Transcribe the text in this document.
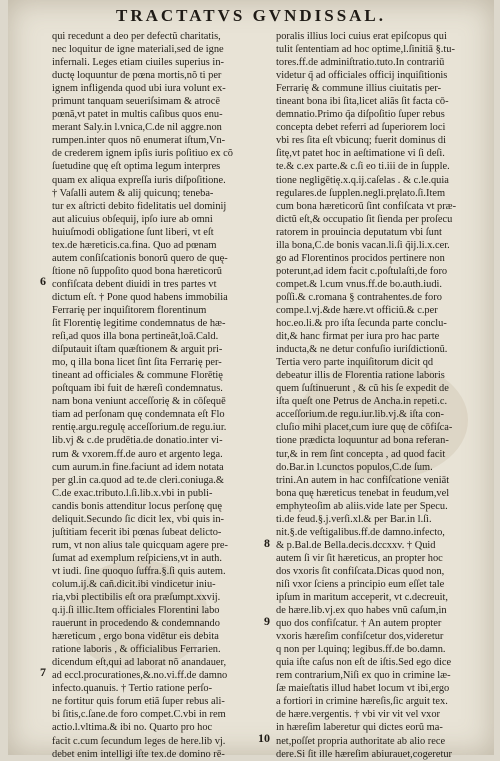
TRACTATVS GVNDISSAL.
qui recedunt a deo per defectũ charitatis,
nec loquitur de igne materiali,sed de igne
infernali. Leges etiam ciuiles superius in-
ductę loquuntur de pœna mortis,nõ ti per
ignem infligenda quod ubi iura volunt ex-
primunt tanquam seueriſsimam & atrocē
pœnã,vt patet in multis caſibus quos enu-
merant Saly.in l.vnica,C.de nil aggre.non
rumpen.inter quos nõ enumerat iſtum,Vn-
de crederem ignem ipſis iuris poſitiuo ex cõ
ſuetudine quę eſt optima legum interpres
quam ex aliqua expreſſa iuris diſpoſitione.
† Vaſalli autem & alij quicunq; teneba-
tur ex aſtricti debito fidelitatis uel dominij
aut alicuius obſequij, ipſo iure ab omni
huiuſmodi obligatione ſunt liberi, vt eſt
tex.de hæreticis.ca.fina. Quo ad pœnam
autem conſiſcationis bonorũ quero de quę-
ſtione nõ ſuppoſito quod bona hæreticorũ
confiſcata debent diuidi in tres partes vt
dictum eſt. † Pone quod habens immobilia
Ferrarię per inquiſitorem florentinum
ſit Florentię legitime condemnatus de hæ-
reſi,ad quos illa bona pertineãt,loã.Cald.
diſputauit iſtam quæſtionem & arguit pri-
mo, q illa bona licet ſint ſita Ferrarię per-
tineant ad officiales & commune Florētię
poſtquam ibi fuit de hæreſi condemnatus.
nam bona veniunt acceſſorię & in cōſequē
tiam ad perſonam quę condemnata eſt Flo
rentię.argu.regulę acceſſorium.de regu.iur.
lib.vj & c.de prudētia.de donatio.inter vi-
rum & vxorem.ff.de auro et argento lega.
cum aurum.in fine.faciunt ad idem notata
per gl.in ca.quod ad te.de cleri.coniuga.&
C.de exac.tributo.l.ſi.lib.x.vbi in publi-
candis bonis attenditur locus perſonę quę
deliquit.Secundo ſic dicit lex, vbi quis in-
juſtitiam fecerit ibi pœnas ſubeat delicto-
rum, vt non alius tale quicquam agere pre-
ſumat ad exemplum reſpiciens,vt in auth.
vt iudi. ſine quoquo ſuffra.§.ſi quis autem.
colum.ij.& cañ.dicit.ibi vindicetur iniu-
ria,vbi plectibilis eſt ora præſumpt.xxvij.
q.ij.ſi illic.Item officiales Florentini labo
rauerunt in procedendo & condemnando
hæreticum , ergo bona vidētur eis debita
ratione laboris , & officialibus Ferrarien.
dicendum eſt,qui ad laborat nõ anandauer,
ad eccl.procurationes,&.no.vi.ff.de damno
infecto.quanuis. † Tertio ratione perſo-
ne fortitur quis forum etiã ſuper rebus ali-
bi ſitis,c.ſane.de foro compet.C.vbi in rem
actio.l.vltima.& ibi no. Quarto pro hoc
facit c.cum ſecundum leges de here.lib vj.
debet enim intelligi iſte tex.de domino rē-
poralis illius loci cuius erat epiſcopus qui
tulit ſententiam ad hoc optime,l.ſinitiā §.tu-
tores.ff.de adminiſtratio.tuto.In contrariū
videtur q̃ ad officiales officij inquiſitionis
Ferrarię & commune illius ciuitatis per-
tineant bona ibi ſita,licet aliãs ſit facta cō-
demnatio.Primo q̃a diſpoſitio ſuper rebus
concepta debet referri ad ſuperiorem loci
vbi res ſita eſt vbicunq; fuerit dominus di
ſitę,vt patet hoc in aeſtimatione vi ſi deſi.
te.& c.ex parte.& c.ſi eo ti.iii de in ſupple.
tione negligētię.x.q.ij.caſelas . & c.le.quia
regulares.de ſupplen.negli.pręlato.ſi.Item
cum bona hæreticorũ ſint confiſcata vt præ-
dictũ eſt,& occupatio ſit ſienda per proſecu
ratorem in prouincia deputatum vbi ſunt
illa bona,C.de bonis vacan.li.ſi q̃ij.li.x.cer.
go ad Florentinos procidos pertinere non
poterunt,ad idem facit c.poſtulaſti,de foro
compet.& l.cum vnus.ff.de bo.auth.iudi.
poſſi.& c.romana § contrahentes.de foro
compe.l.vj.&de hære.vt officiũ.& c.per
hoc.eo.li.& pro iſta ſecunda parte conclu-
dit,& hanc firmat per iura pro hac parte
inducta,& ne detur confuſio iuriſdictionũ.
Tertia vero parte inquiſitorum dicit qd
debeatur illis de Florentia ratione laboris
quem ſuſtinuerunt , & cũ his ſe expedit de
iſta queſt one Petrus de Ancha.in repeti.c.
acceſſorium.de regu.iur.lib.vj.& iſta con-
cluſio mihi placet,cum iure quę de cōfiſca-
tione prædicta loquuntur ad bona referan-
tur,& in rem ſint concepta , ad quod facit
do.Bar.in l.cunctos populos,C.de ſum.
trini.An autem in hac confiſcatione veniāt
bona quę hæreticus tenebat in feudum,vel
emphyteoſim ab aliis.vide late per Specu.
ti.de feud.§.j.verſi.xl.& per Bar.in l.ſi.
nit.§.de veſtigalibus.ff.de damno.infecto,
& p.Bal.de Bella.decis.dccxxv. † Quid
autem ſi vir ſit hæreticus, an propter hoc
dos vxoris ſit confiſcata.Dicas quod non,
niſi vxor ſciens a principio eum eſſet tale
ipſum in maritum acceperit, vt c.decreuit,
de hære.lib.vj.ex quo habes vnũ caſum,in
quo dos confiſcatur. † An autem propter
vxoris hæreſim confiſcetur dos,videretur
q non per l.quinq; legibus.ff.de bo.damn.
quia iſte caſus non eſt de iſtis.Sed ego dice
rem contrarium,Niſi ex quo in crimine læ-
ſæ maieſtatis illud habet locum vt ibi,ergo
a fortiori in crimine hæreſis,ſic arguit tex.
de hære.vergentis. † vbi vir vit vel vxor
in hæreſim laberetur qui dictes eorũ ma-
net,poſſet propria authoritate ab alio rece
dere.Si ſit ille hæreſim abiurauet,cogeretur
6
7
8
9
10
